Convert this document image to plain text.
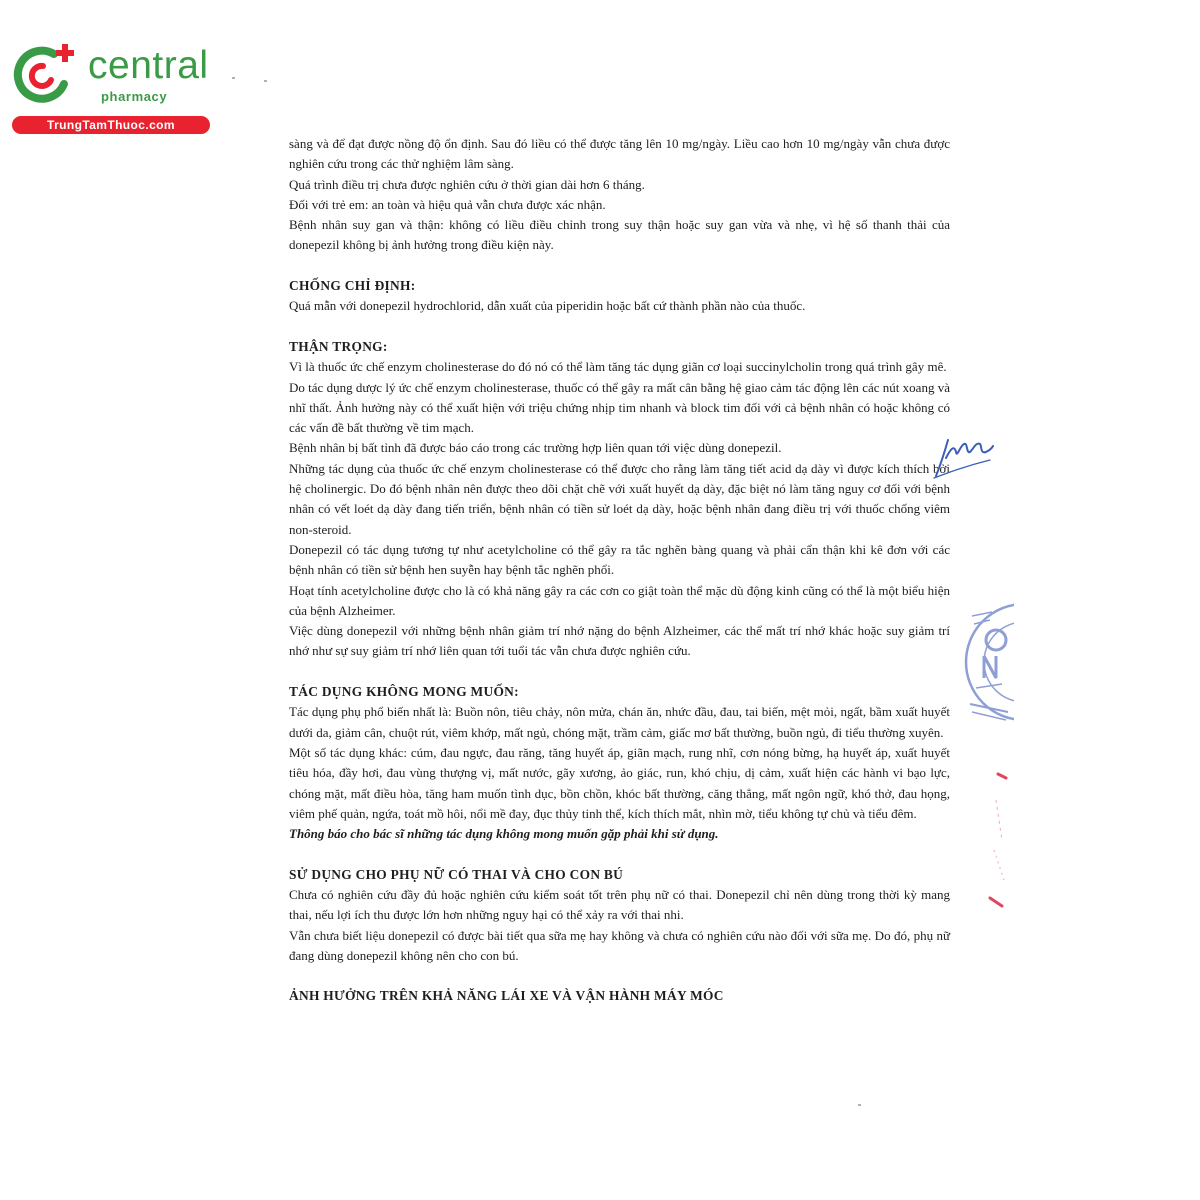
central
pharmacy
TrungTamThuoc.com

sàng và để đạt được nồng độ ổn định. Sau đó liều có thể được tăng lên 10 mg/ngày. Liều cao hơn 10 mg/ngày vẫn chưa được nghiên cứu trong các thử nghiệm lâm sàng.

Quá trình điều trị chưa được nghiên cứu ở thời gian dài hơn 6 tháng.

Đối với trẻ em: an toàn và hiệu quả vẫn chưa được xác nhận.

Bệnh nhân suy gan và thận: không có liều điều chỉnh trong suy thận hoặc suy gan vừa và nhẹ, vì hệ số thanh thải của donepezil không bị ảnh hưởng trong điều kiện này.

CHỐNG CHỈ ĐỊNH:

Quá mẫn với donepezil hydrochlorid, dẫn xuất của piperidin hoặc bất cứ thành phần nào của thuốc.

THẬN TRỌNG:

Vì là thuốc ức chế enzym cholinesterase do đó nó có thể làm tăng tác dụng giãn cơ loại succinylcholin trong quá trình gây mê.

Do tác dụng dược lý ức chế enzym cholinesterase, thuốc có thể gây ra mất cân bằng hệ giao cảm tác động lên các nút xoang và nhĩ thất. Ảnh hưởng này có thể xuất hiện với triệu chứng nhịp tim nhanh và block tim đối với cả bệnh nhân có hoặc không có các vấn đề bất thường về tim mạch.

Bệnh nhân bị bất tỉnh đã được báo cáo trong các trường hợp liên quan tới việc dùng donepezil.

Những tác dụng của thuốc ức chế enzym cholinesterase có thể được cho rằng làm tăng tiết acid dạ dày vì được kích thích bởi hệ cholinergic. Do đó bệnh nhân nên được theo dõi chặt chẽ với xuất huyết dạ dày, đặc biệt nó làm tăng nguy cơ đối với bệnh nhân có vết loét dạ dày đang tiến triển, bệnh nhân có tiền sử loét dạ dày, hoặc bệnh nhân đang điều trị với thuốc chống viêm non-steroid.

Donepezil có tác dụng tương tự như acetylcholine có thể gây ra tắc nghẽn bàng quang và phải cẩn thận khi kê đơn với các bệnh nhân có tiền sử bệnh hen suyễn hay bệnh tắc nghẽn phổi.

Hoạt tính acetylcholine được cho là có khả năng gây ra các cơn co giật toàn thể mặc dù động kinh cũng có thể là một biểu hiện của bệnh Alzheimer.

Việc dùng donepezil với những bệnh nhân giảm trí nhớ nặng do bệnh Alzheimer, các thể mất trí nhớ khác hoặc suy giảm trí nhớ như sự suy giảm trí nhớ liên quan tới tuổi tác vẫn chưa được nghiên cứu.

TÁC DỤNG KHÔNG MONG MUỐN:

Tác dụng phụ phổ biến nhất là: Buồn nôn, tiêu chảy, nôn mửa, chán ăn, nhức đầu, đau, tai biến, mệt mỏi, ngất, bầm xuất huyết dưới da, giảm cân, chuột rút, viêm khớp, mất ngủ, chóng mặt, trầm cảm, giấc mơ bất thường, buồn ngủ, đi tiểu thường xuyên.

Một số tác dụng khác: cúm, đau ngực, đau răng, tăng huyết áp, giãn mạch, rung nhĩ, cơn nóng bừng, hạ huyết áp, xuất huyết tiêu hóa, đầy hơi, đau vùng thượng vị, mất nước, gãy xương, ảo giác, run, khó chịu, dị cảm, xuất hiện các hành vi bạo lực, chóng mặt, mất điều hòa, tăng ham muốn tình dục, bồn chồn, khóc bất thường, căng thẳng, mất ngôn ngữ, khó thở, đau họng, viêm phế quản, ngứa, toát mồ hôi, nổi mề đay, đục thủy tinh thể, kích thích mắt, nhìn mờ, tiểu không tự chủ và tiểu đêm.

Thông báo cho bác sĩ những tác dụng không mong muốn gặp phải khi sử dụng.

SỬ DỤNG CHO PHỤ NỮ CÓ THAI VÀ CHO CON BÚ

Chưa có nghiên cứu đầy đủ hoặc nghiên cứu kiểm soát tốt trên phụ nữ có thai. Donepezil chỉ nên dùng trong thời kỳ mang thai, nếu lợi ích thu được lớn hơn những nguy hại có thể xảy ra với thai nhi.

Vẫn chưa biết liệu donepezil có được bài tiết qua sữa mẹ hay không và chưa có nghiên cứu nào đối với sữa mẹ. Do đó, phụ nữ đang dùng donepezil không nên cho con bú.

ẢNH HƯỞNG TRÊN KHẢ NĂNG LÁI XE VÀ VẬN HÀNH MÁY MÓC
